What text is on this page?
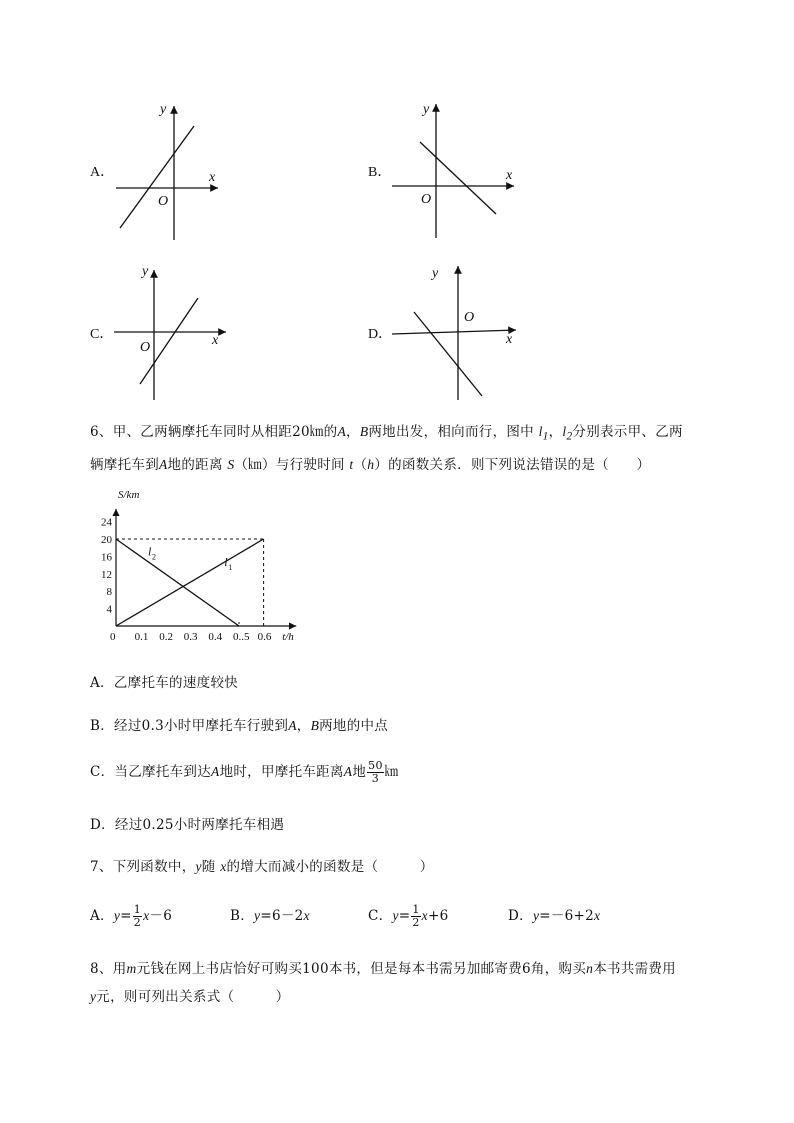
A．	x
y
O
B．	x
y
O
C．	x
y
O
D．	x
y
O
6、甲、乙两辆摩托车同时从相距20㎞的A，B两地出发，相向而行，图中 $l_1$，$l_2$分别表示甲、乙两
辆摩托车到A地的距离 S（㎞）与行驶时间 t（h）的函数关系．则下列说法错误的是（　　）
0 0.1 0.2 0.3 0.4 0..5 0.6
4
8
12
16
20
24
S/km
t/h
l 2	l 1
A．乙摩托车的速度较快
B．经过0.3小时甲摩托车行驶到A，B两地的中点
C．当乙摩托车到达A地时，甲摩托车距离A地 $\frac{50}{3}$ ㎞
D．经过0.25小时两摩托车相遇
7、下列函数中，y随 x的增大而减小的函数是（　　　）
A．$y= \frac{1}{2} x-6$	B．y=6－2x	C．$y= \frac{1}{2} x+6$	D．y=－6+2x
8、用m元钱在网上书店恰好可购买100本书，但是每本书需另加邮寄费6角，购买n本书共需费用
y元，则可列出关系式（　　　）
